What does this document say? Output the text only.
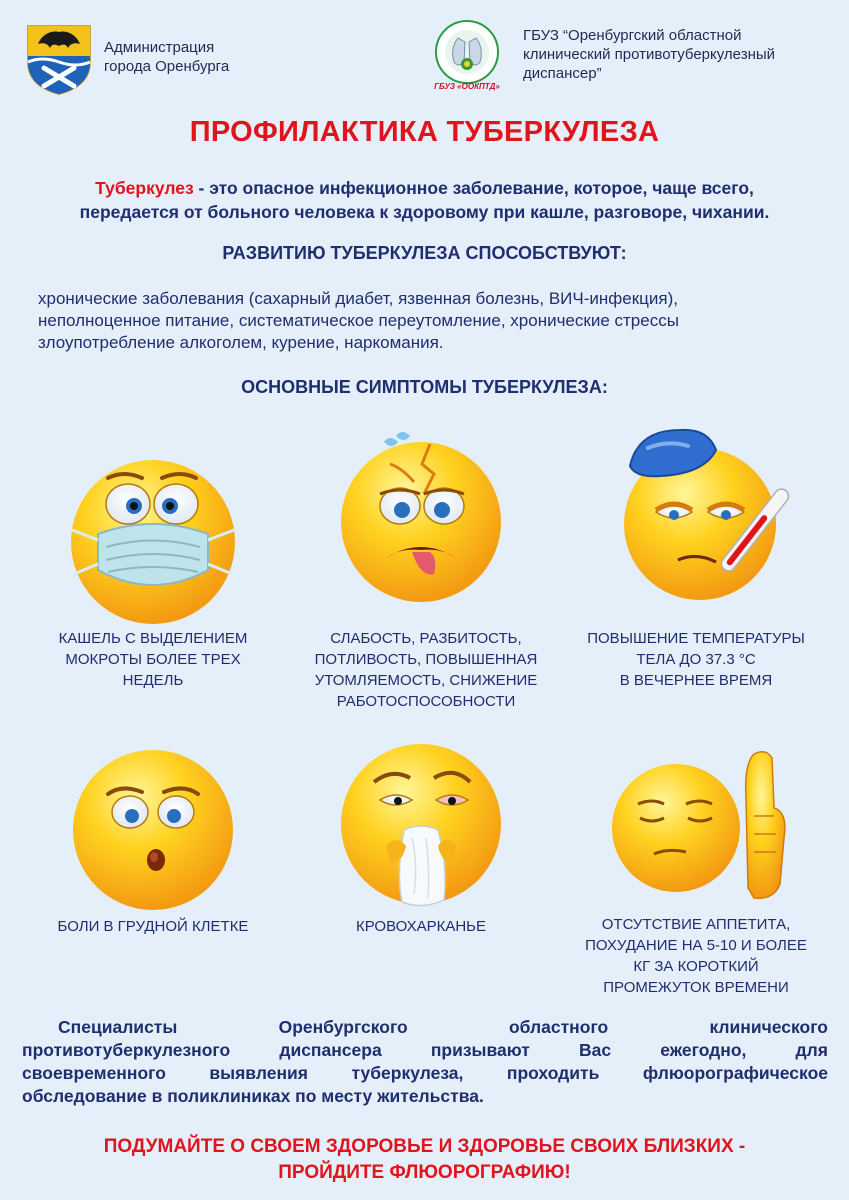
Администрация
города Оренбурга
ГБУЗ «ООКПТД»
ГБУЗ “Оренбургский областной
клинический противотуберкулезный
диспансер”
ПРОФИЛАКТИКА ТУБЕРКУЛЕЗА
Туберкулез - это опасное инфекционное заболевание, которое, чаще всего,
передается от больного человека к здоровому при кашле, разговоре, чихании.
РАЗВИТИЮ ТУБЕРКУЛЕЗА СПОСОБСТВУЮТ:
хронические заболевания (сахарный диабет, язвенная болезнь, ВИЧ-инфекция),
неполноценное питание, систематическое переутомление, хронические стрессы
злоупотребление алкоголем, курение, наркомания.
ОСНОВНЫЕ СИМПТОМЫ ТУБЕРКУЛЕЗА:
КАШЕЛЬ С ВЫДЕЛЕНИЕМ
МОКРОТЫ БОЛЕЕ ТРЕХ
НЕДЕЛЬ
СЛАБОСТЬ, РАЗБИТОСТЬ,
ПОТЛИВОСТЬ, ПОВЫШЕННАЯ
УТОМЛЯЕМОСТЬ, СНИЖЕНИЕ
РАБОТОСПОСОБНОСТИ
ПОВЫШЕНИЕ ТЕМПЕРАТУРЫ
ТЕЛА ДО 37.3 °С
В ВЕЧЕРНЕЕ ВРЕМЯ
БОЛИ В ГРУДНОЙ КЛЕТКЕ	КРОВОХАРКАНЬЕ	ОТСУТСТВИЕ АППЕТИТА,
ПОХУДАНИЕ НА 5-10 И БОЛЕЕ
КГ ЗА КОРОТКИЙ
ПРОМЕЖУТОК ВРЕМЕНИ
Специалисты Оренбургского областного клинического
противотуберкулезного диспансера призывают Вас ежегодно, для
своевременного выявления туберкулеза, проходить флюорографическое
обследование в поликлиниках по месту жительства.
ПОДУМАЙТЕ О СВОЕМ ЗДОРОВЬЕ И ЗДОРОВЬЕ СВОИХ БЛИЗКИХ -
ПРОЙДИТЕ ФЛЮОРОГРАФИЮ!
